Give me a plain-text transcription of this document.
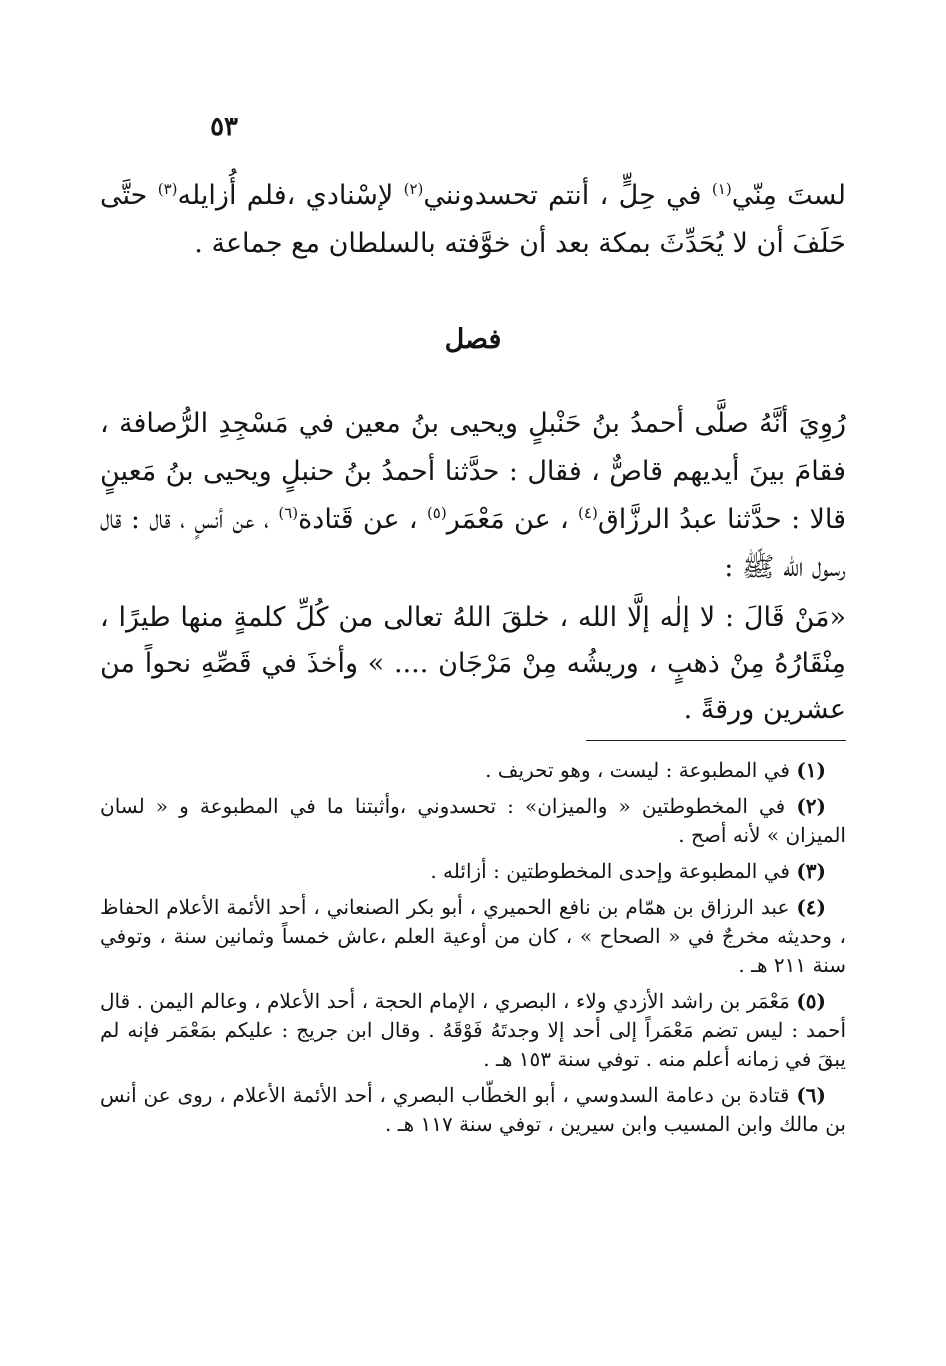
٥٣

لستَ مِنّي$^{(١)}$ في حِلٍّ ، أنتم تحسدونني$^{(٢)}$ لإسْنادي ،فلم أُزايله$^{(٣)}$ حتَّى حَلَفَ أن لا يُحَدِّثَ بمكة بعد أن خوَّفته بالسلطان مع جماعة .

فصل

رُوِيَ أنَّهُ صلَّى أحمدُ بنُ حَنْبلٍ ويحيى بنُ معين في مَسْجِدِ الرُّصافة ، فقامَ بينَ أيديهم قاصٌّ ، فقال : حدَّثنا أحمدُ بنُ حنبلٍ ويحيى بنُ مَعينٍ قالا : حدَّثنا عبدُ الرزَّاق$^{(٤)}$ ، عن مَعْمَر$^{(٥)}$ ، عن قَتادة$^{(٦)}$ ، عن أنسٍ ، قال : قال رسول الله ﷺ :

«مَنْ قَالَ : لا إلٰه إلَّا الله ، خلقَ اللهُ تعالى من كُلِّ كلمةٍ منها طيرًا ، مِنْقَارُهُ مِنْ ذهبٍ ، وريشُه مِنْ مَرْجَان .... » وأخذَ في قَصِّهِ نحواً من عشرين ورقةً .

(١) في المطبوعة : ليست ، وهو تحريف .

(٢) في المخطوطتين « والميزان» : تحسدوني ،وأثبتنا ما في المطبوعة و « لسان الميزان » لأنه أصح .

(٣) في المطبوعة وإحدى المخطوطتين : أزائله .

(٤) عبد الرزاق بن همّام بن نافع الحميري ، أبو بكر الصنعاني ، أحد الأئمة الأعلام الحفاظ ، وحديثه مخرجٌ في « الصحاح » ، كان من أوعية العلم ،عاش خمساً وثمانين سنة ، وتوفي سنة ٢١١ هـ .

(٥) مَعْمَر بن راشد الأزدي ولاء ، البصري ، الإمام الحجة ، أحد الأعلام ، وعالم اليمن . قال أحمد : ليس تضم مَعْمَراً إلى أحد إلا وجدتَهُ فَوْقَهُ . وقال ابن جريج : عليكم بمَعْمَر فإنه لم يبقَ في زمانه أعلم منه . توفي سنة ١٥٣ هـ .

(٦) قتادة بن دعامة السدوسي ، أبو الخطّاب البصري ، أحد الأئمة الأعلام ، روى عن أنس بن مالك وابن المسيب وابن سيرين ، توفي سنة ١١٧ هـ .
